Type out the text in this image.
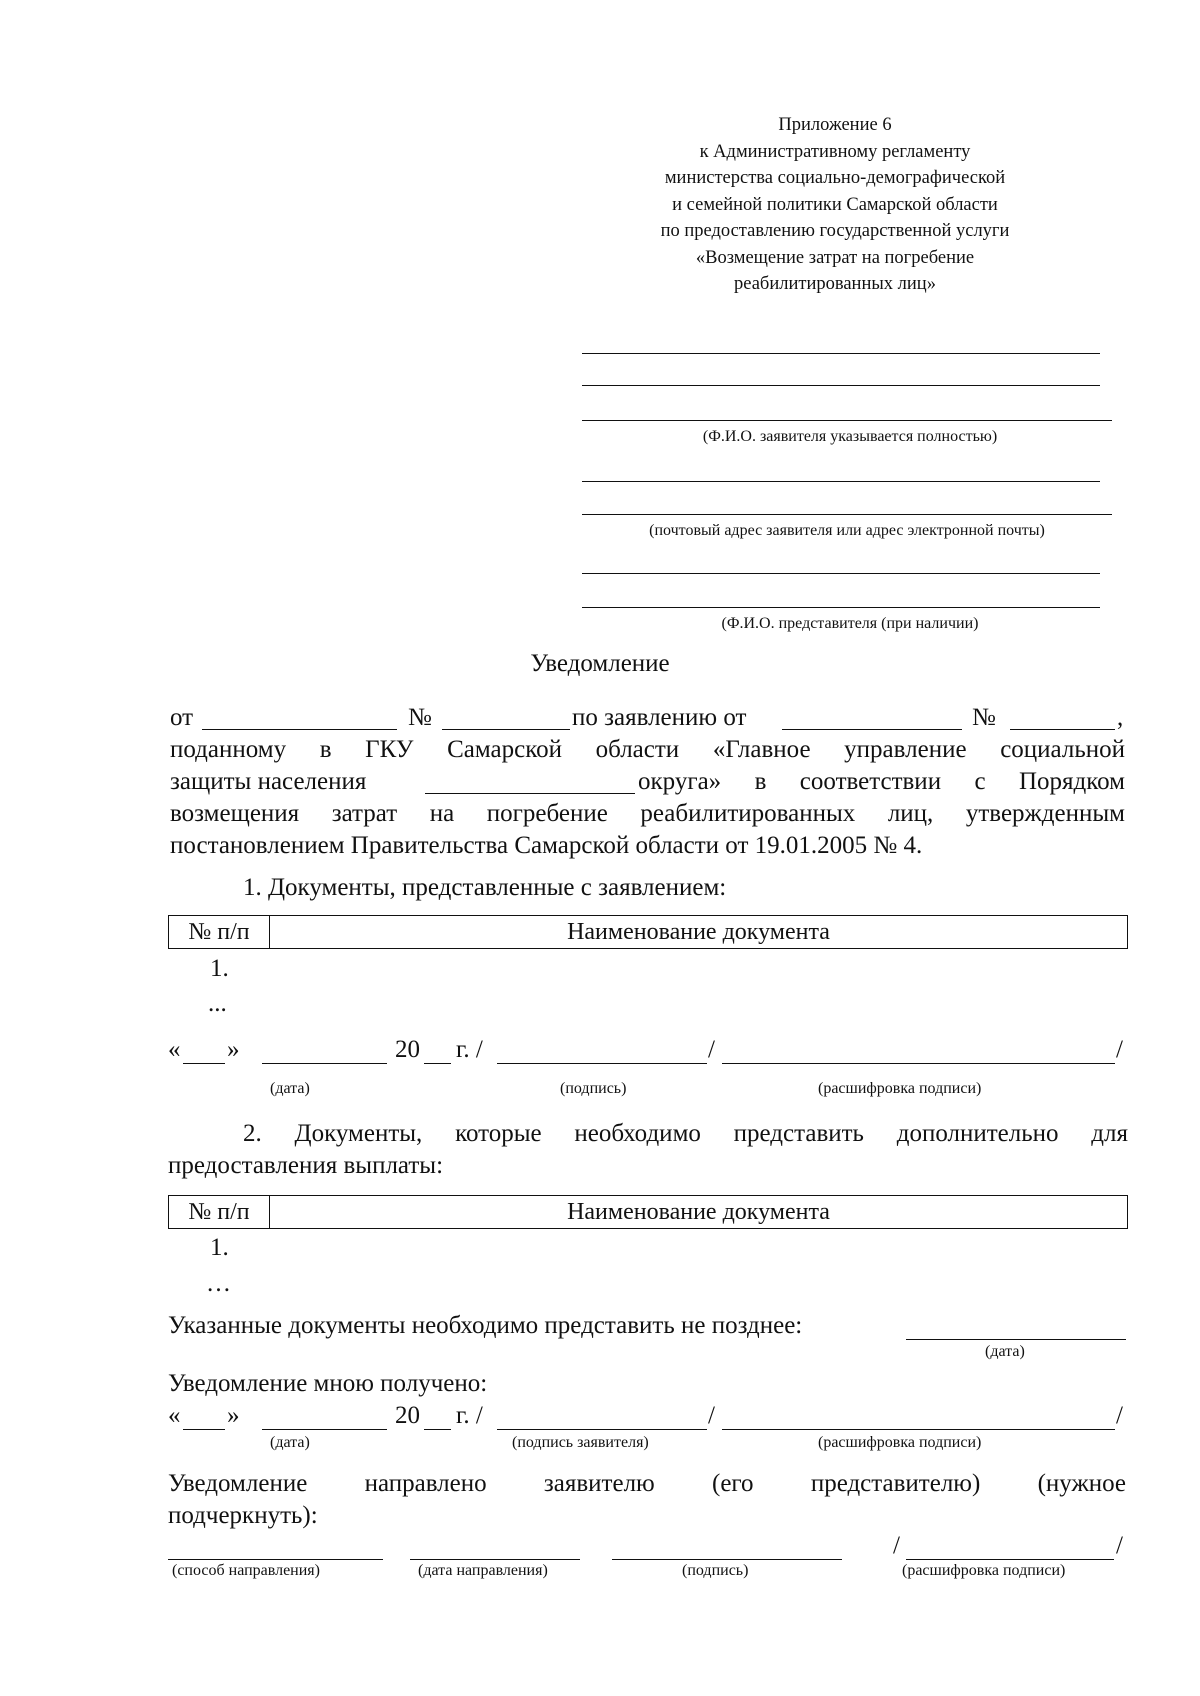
Приложение 6
к Административному регламенту
министерства социально-демографической
и семейной политики Самарской области
по предоставлению государственной услуги
«Возмещение затрат на погребение
реабилитированных лиц»
(Ф.И.О. заявителя указывается полностью)
(почтовый адрес заявителя или адрес электронной почты)
(Ф.И.О. представителя (при наличии)
Уведомление
от	№	по заявлению от	№	,
поданному в ГКУ Самарской области «Главное управление социальной
защиты населения	округа» в соответствии с Порядком
возмещения затрат на погребение реабилитированных лиц, утвержденным
постановлением Правительства Самарской области от 19.01.2005 № 4.
1. Документы, представленные с заявлением:
№ п/п	Наименование документа
1.
...
« »	20 г. /	/	/
(дата)	(подпись)	(расшифровка подписи)
2. Документы, которые необходимо представить дополнительно для
предоставления выплаты:
№ п/п	Наименование документа
1.
…
Указанные документы необходимо представить не позднее:
(дата)
Уведомление мною получено:
« »	20 г. /	/	/
(дата)	(подпись заявителя)	(расшифровка подписи)
Уведомление направлено заявителю (его представителю) (нужное
подчеркнуть):
/	/
(способ направления)	(дата направления)	(подпись)	(расшифровка подписи)
